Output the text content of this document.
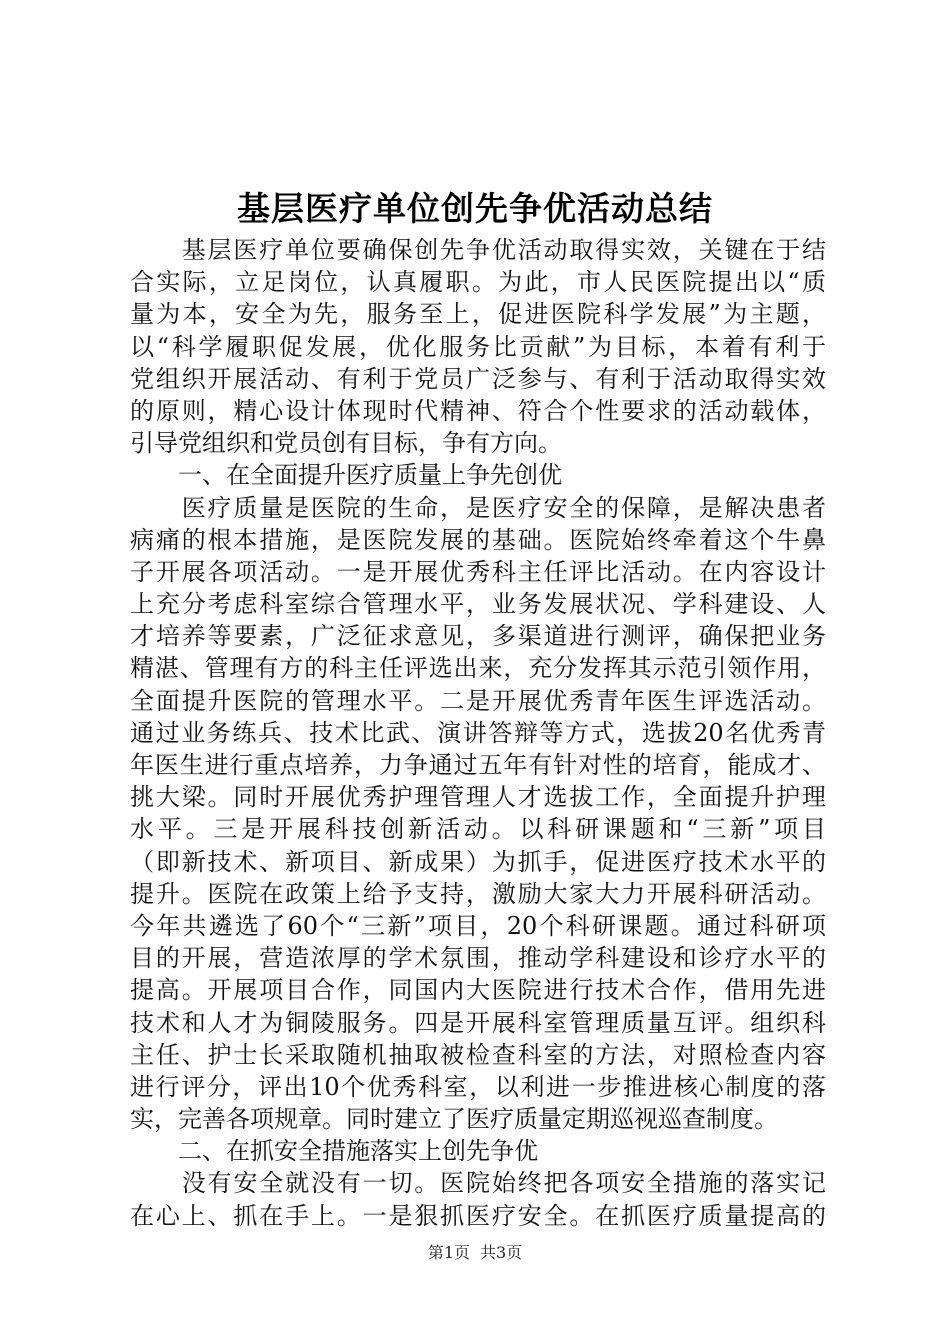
基层医疗单位创先争优活动总结
　　基层医疗单位要确保创先争优活动取得实效，关键在于结
合实际，立足岗位，认真履职。为此，市人民医院提出以“质
量为本，安全为先，服务至上，促进医院科学发展”为主题，
以“科学履职促发展，优化服务比贡献”为目标，本着有利于
党组织开展活动、有利于党员广泛参与、有利于活动取得实效
的原则，精心设计体现时代精神、符合个性要求的活动载体，
引导党组织和党员创有目标，争有方向。
　　一、在全面提升医疗质量上争先创优
　　医疗质量是医院的生命，是医疗安全的保障，是解决患者
病痛的根本措施，是医院发展的基础。医院始终牵着这个牛鼻
子开展各项活动。一是开展优秀科主任评比活动。在内容设计
上充分考虑科室综合管理水平，业务发展状况、学科建设、人
才培养等要素，广泛征求意见，多渠道进行测评，确保把业务
精湛、管理有方的科主任评选出来，充分发挥其示范引领作用，
全面提升医院的管理水平。二是开展优秀青年医生评选活动。
通过业务练兵、技术比武、演讲答辩等方式，选拔20名优秀青
年医生进行重点培养，力争通过五年有针对性的培育，能成才、
挑大梁。同时开展优秀护理管理人才选拔工作，全面提升护理
水平。三是开展科技创新活动。以科研课题和“三新”项目
（即新技术、新项目、新成果）为抓手，促进医疗技术水平的
提升。医院在政策上给予支持，激励大家大力开展科研活动。
今年共遴选了60个“三新”项目，20个科研课题。通过科研项
目的开展，营造浓厚的学术氛围，推动学科建设和诊疗水平的
提高。开展项目合作，同国内大医院进行技术合作，借用先进
技术和人才为铜陵服务。四是开展科室管理质量互评。组织科
主任、护士长采取随机抽取被检查科室的方法，对照检查内容
进行评分，评出10个优秀科室，以利进一步推进核心制度的落
实，完善各项规章。同时建立了医疗质量定期巡视巡查制度。
　　二、在抓安全措施落实上创先争优
　　没有安全就没有一切。医院始终把各项安全措施的落实记
在心上、抓在手上。一是狠抓医疗安全。在抓医疗质量提高的
第1页 共3页
